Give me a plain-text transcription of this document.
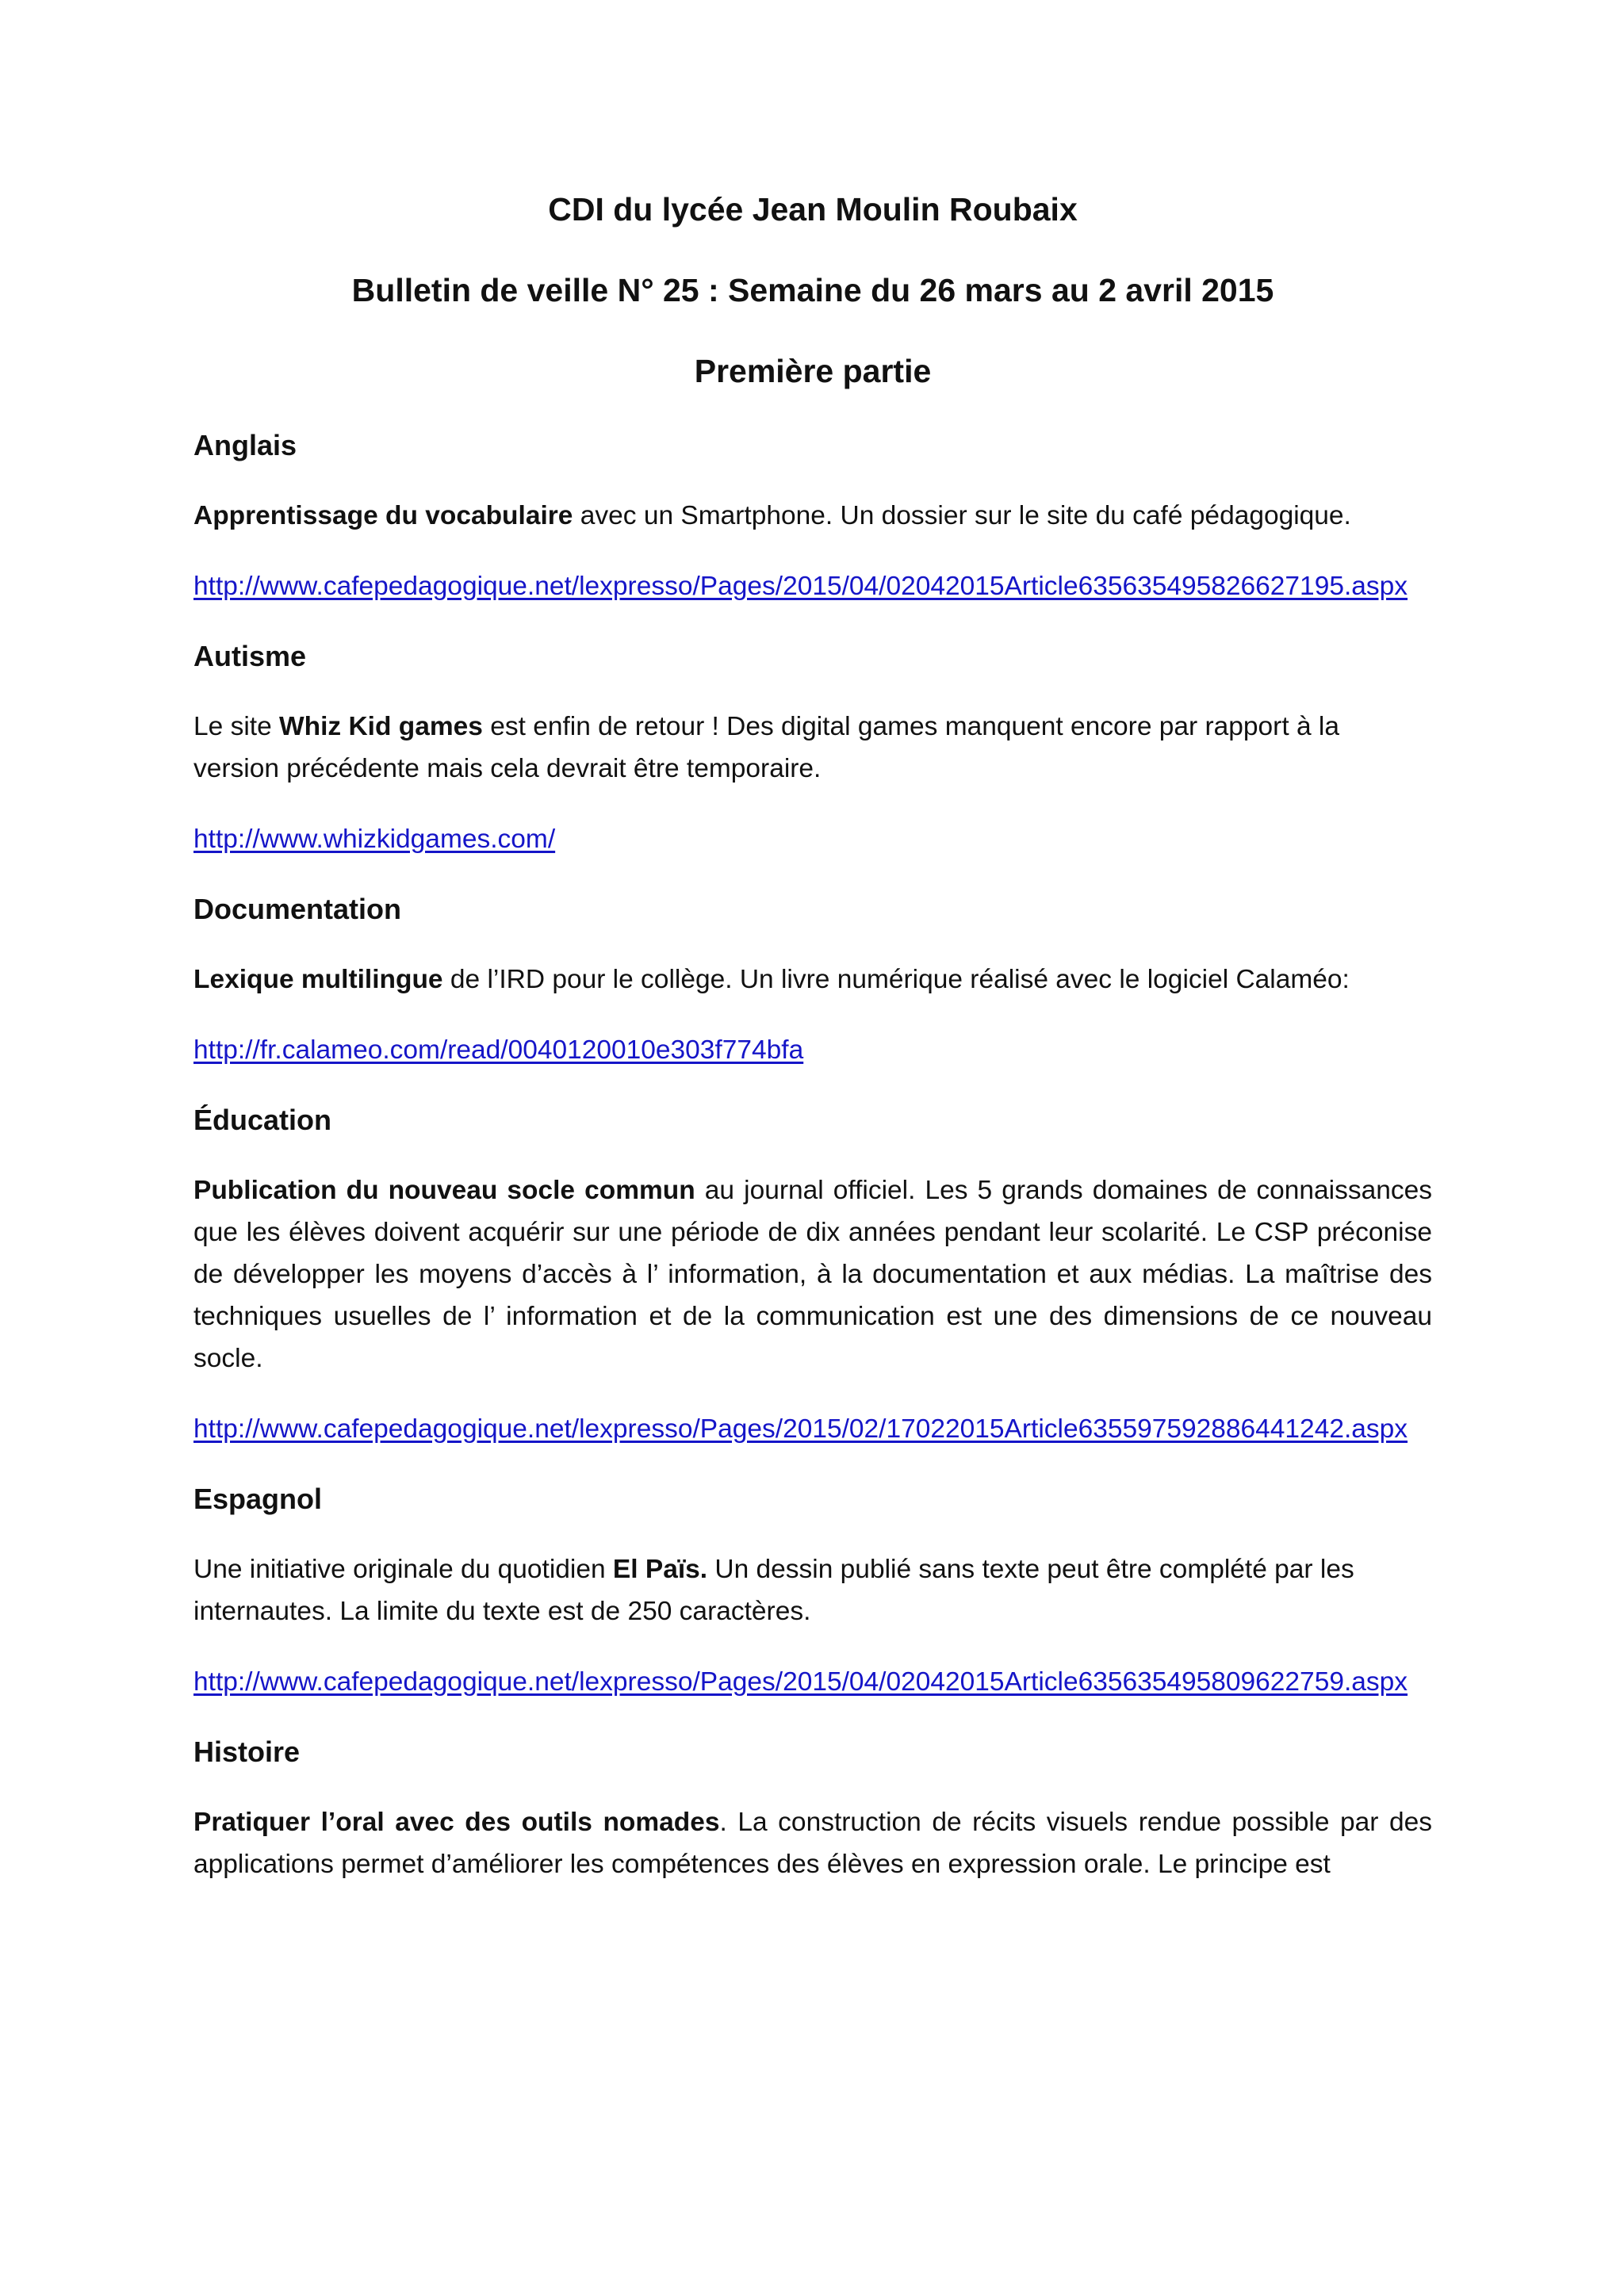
CDI du lycée Jean Moulin Roubaix

Bulletin de veille N° 25 : Semaine du 26 mars au 2 avril 2015

Première partie

Anglais

Apprentissage du vocabulaire avec un Smartphone. Un dossier sur le site du café pédagogique.

http://www.cafepedagogique.net/lexpresso/Pages/2015/04/02042015Article635635495826627195.aspx

Autisme

Le site Whiz Kid games est enfin de retour ! Des digital games manquent encore par rapport à la version précédente mais cela devrait être temporaire.

http://www.whizkidgames.com/

Documentation

Lexique multilingue de l’IRD pour le collège. Un livre numérique réalisé avec le logiciel Calaméo:

http://fr.calameo.com/read/0040120010e303f774bfa

Éducation

Publication du nouveau socle commun au journal officiel. Les 5 grands domaines de connaissances que les élèves doivent acquérir sur une période de dix années pendant leur scolarité. Le CSP préconise de développer les moyens d’accès à l’ information, à la documentation et aux médias. La maîtrise des techniques usuelles de l’ information et de la communication est une des dimensions de ce nouveau socle.

http://www.cafepedagogique.net/lexpresso/Pages/2015/02/17022015Article635597592886441242.aspx

Espagnol

Une initiative originale du quotidien El Païs. Un dessin publié sans texte peut être complété par les internautes. La limite du texte est de 250 caractères.

http://www.cafepedagogique.net/lexpresso/Pages/2015/04/02042015Article635635495809622759.aspx

Histoire

Pratiquer l’oral avec des outils nomades. La construction de récits visuels rendue possible par des applications permet d’améliorer les compétences des élèves en expression orale. Le principe est
